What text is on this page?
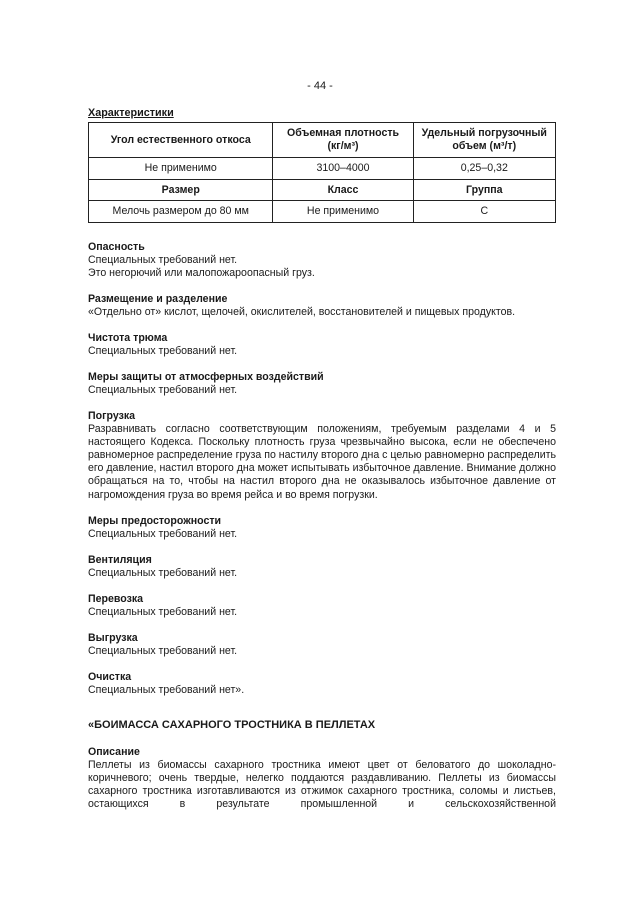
- 44 -
Характеристики
Угол естественного откоса	Объемная плотность (кг/м³)	Удельный погрузочный объем (м³/т)
Не применимо	3100–4000	0,25–0,32
Размер	Класс	Группа
Мелочь размером до 80 мм	Не применимо	C
Опасность

Специальных требований нет.

Это негорючий или малопожароопасный груз.

Размещение и разделение

«Отдельно от» кислот, щелочей, окислителей, восстановителей и пищевых продуктов.

Чистота трюма

Специальных требований нет.

Меры защиты от атмосферных воздействий

Специальных требований нет.

Погрузка

Разравнивать согласно соответствующим положениям, требуемым разделами 4 и 5 настоящего Кодекса. Поскольку плотность груза чрезвычайно высока, если не обеспечено равномерное распределение груза по настилу второго дна с целью равномерно распределить его давление, настил второго дна может испытывать избыточное давление. Внимание должно обращаться на то, чтобы на настил второго дна не оказывалось избыточное давление от нагромождения груза во время рейса и во время погрузки.

Меры предосторожности

Специальных требований нет.

Вентиляция

Специальных требований нет.

Перевозка

Специальных требований нет.

Выгрузка

Специальных требований нет.

Очистка

Специальных требований нет».

«БОИМАССА САХАРНОГО ТРОСТНИКА В ПЕЛЛЕТАХ
Описание

Пеллеты из биомассы сахарного тростника имеют цвет от беловатого до шоколадно-коричневого; очень твердые, нелегко поддаются раздавливанию. Пеллеты из биомассы сахарного тростника изготавливаются из отжимок сахарного тростника, соломы и листьев, остающихся в результате промышленной и сельскохозяйственной
